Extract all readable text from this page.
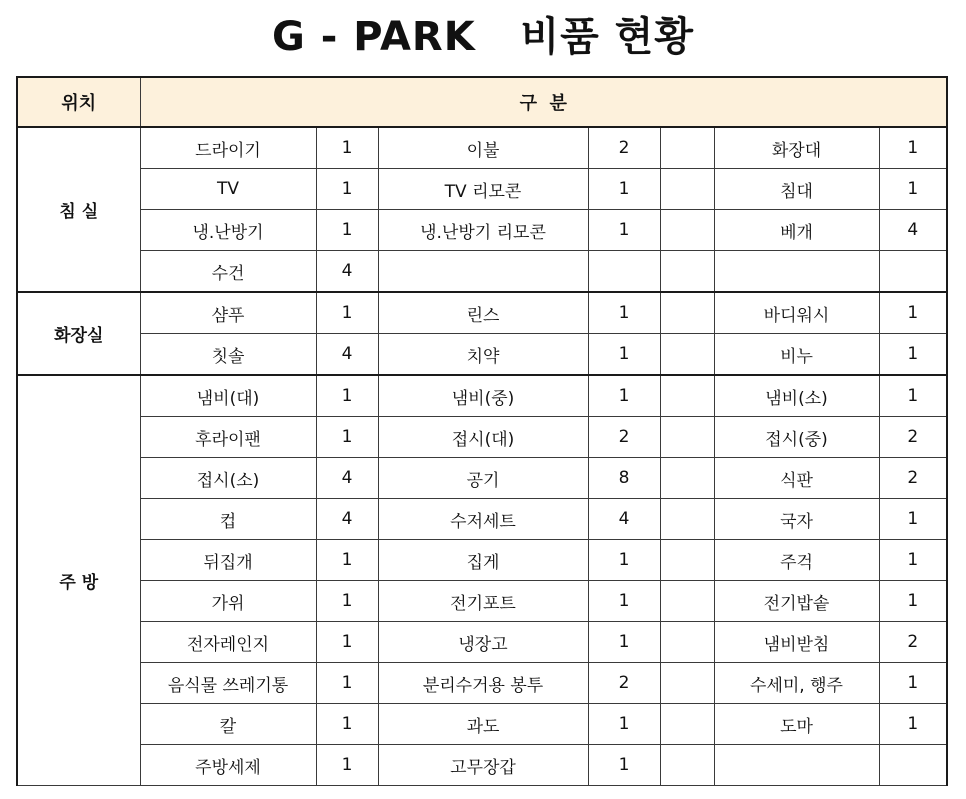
G - PARK   비품 현황
위치	구  분						
침 실	드라이기	1	이불	2		화장대	1
	TV	1	TV 리모콘	1		침대	1
	냉.난방기	1	냉.난방기 리모콘	1		베개	4
	수건	4					
화장실	샴푸	1	린스	1		바디워시	1
	칫솔	4	치약	1		비누	1
주 방	냄비(대)	1	냄비(중)	1		냄비(소)	1
	후라이팬	1	접시(대)	2		접시(중)	2
	접시(소)	4	공기	8		식판	2
	컵	4	수저세트	4		국자	1
	뒤집개	1	집게	1		주걱	1
	가위	1	전기포트	1		전기밥솥	1
	전자레인지	1	냉장고	1		냄비받침	2
	음식물 쓰레기통	1	분리수거용 봉투	2		수세미, 행주	1
	칼	1	과도	1		도마	1
	주방세제	1	고무장갑	1			
